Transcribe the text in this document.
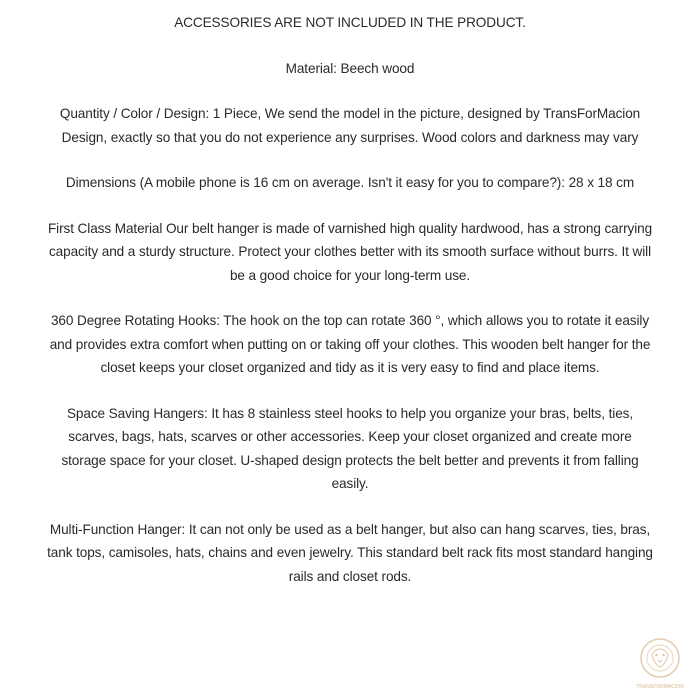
ACCESSORIES ARE NOT INCLUDED IN THE PRODUCT.
Material: Beech wood
Quantity / Color / Design: 1 Piece, We send the model in the picture, designed by TransForMacion Design, exactly so that you do not experience any surprises. Wood colors and darkness may vary
Dimensions (A mobile phone is 16 cm on average. Isn't it easy for you to compare?): 28 x 18 cm
First Class Material Our belt hanger is made of varnished high quality hardwood, has a strong carrying capacity and a sturdy structure. Protect your clothes better with its smooth surface without burrs. It will be a good choice for your long-term use.
360 Degree Rotating Hooks: The hook on the top can rotate 360 °, which allows you to rotate it easily and provides extra comfort when putting on or taking off your clothes. This wooden belt hanger for the closet keeps your closet organized and tidy as it is very easy to find and place items.
Space Saving Hangers: It has 8 stainless steel hooks to help you organize your bras, belts, ties, scarves, bags, hats, scarves or other accessories. Keep your closet organized and create more storage space for your closet. U-shaped design protects the belt better and prevents it from falling easily.
Multi-Function Hanger: It can not only be used as a belt hanger, but also can hang scarves, ties, bras, tank tops, camisoles, hats, chains and even jewelry. This standard belt rack fits most standard hanging rails and closet rods.
TRANSFORMACION
